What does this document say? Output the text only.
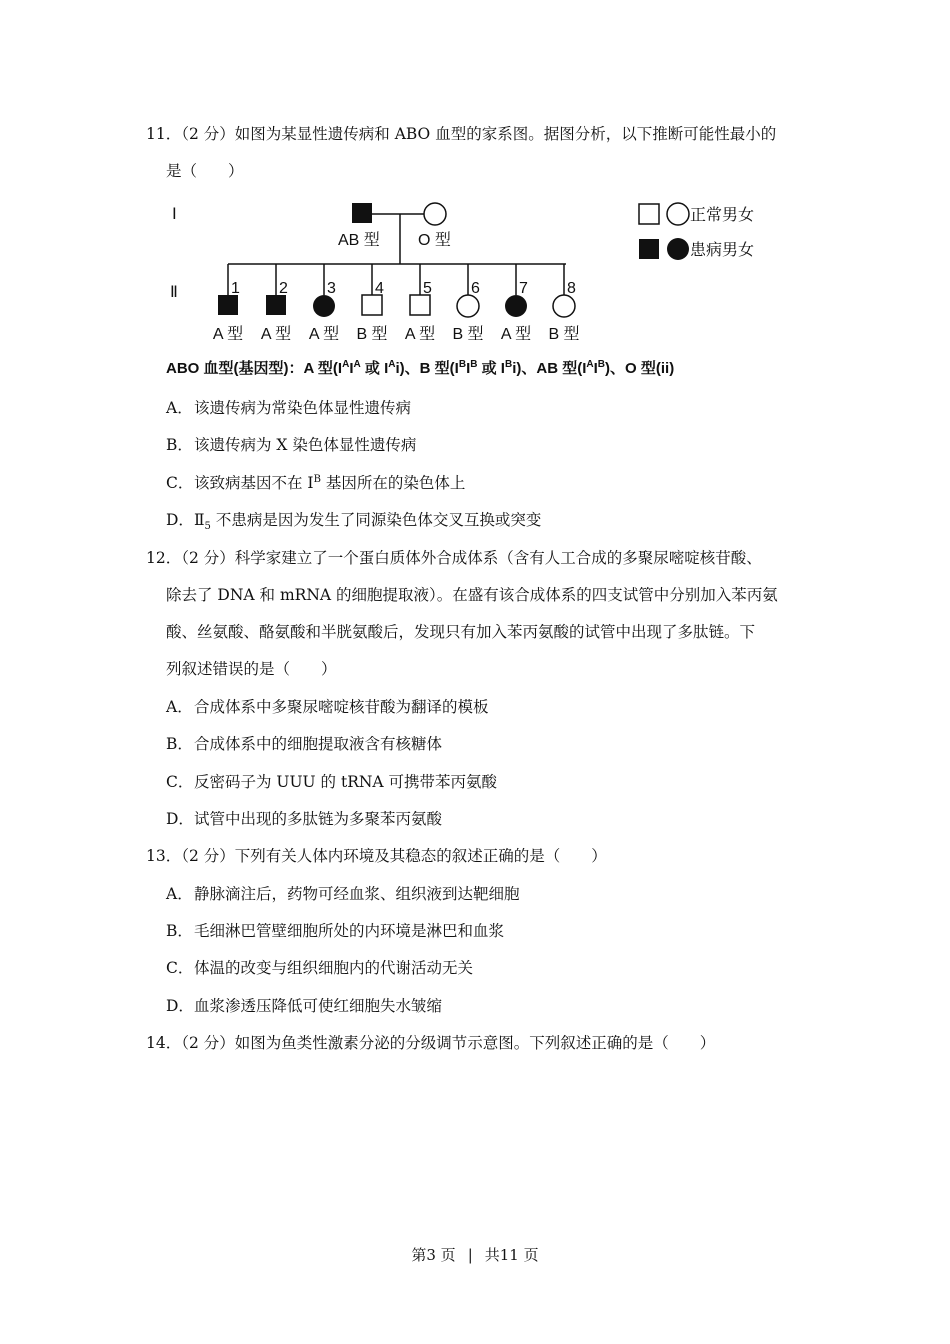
11．（2 分）如图为某显性遗传病和 ABO 血型的家系图。据图分析，以下推断可能性最小的
是（　　）
Ⅰ
Ⅱ
AB 型 O 型
1
A 型
2
A 型
3
A 型
4
B 型
5
A 型
6
B 型
7
A 型
8
B 型
正常男女
患病男女
ABO 血型(基因型)：A 型($I^AI^A$ 或 $I^Ai$)、B 型($I^BI^B$ 或 $I^Bi$)、AB 型$(I^AI^B)$、O 型(ii)
A．该遗传病为常染色体显性遗传病
B．该遗传病为 X 染色体显性遗传病
C．该致病基因不在 $I^B$ 基因所在的染色体上
D．$Ⅱ_5$ 不患病是因为发生了同源染色体交叉互换或突变
12．（2 分）科学家建立了一个蛋白质体外合成体系（含有人工合成的多聚尿嘧啶核苷酸、
除去了 DNA 和 mRNA 的细胞提取液）。在盛有该合成体系的四支试管中分别加入苯丙氨
酸、丝氨酸、酪氨酸和半胱氨酸后，发现只有加入苯丙氨酸的试管中出现了多肽链。下
列叙述错误的是（　　）
A．合成体系中多聚尿嘧啶核苷酸为翻译的模板
B．合成体系中的细胞提取液含有核糖体
C．反密码子为 UUU 的 tRNA 可携带苯丙氨酸
D．试管中出现的多肽链为多聚苯丙氨酸
13．（2 分）下列有关人体内环境及其稳态的叙述正确的是（　　）
A．静脉滴注后，药物可经血浆、组织液到达靶细胞
B．毛细淋巴管壁细胞所处的内环境是淋巴和血浆
C．体温的改变与组织细胞内的代谢活动无关
D．血浆渗透压降低可使红细胞失水皱缩
14．（2 分）如图为鱼类性激素分泌的分级调节示意图。下列叙述正确的是（　　）
第3 页 | 共11 页
